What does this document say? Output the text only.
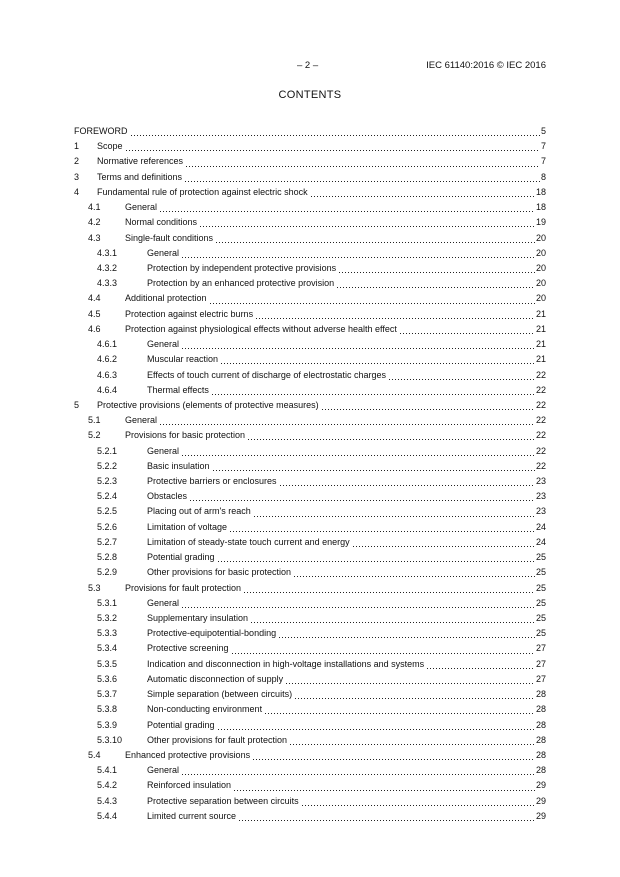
– 2 –	IEC 61140:2016 © IEC 2016
CONTENTS
FOREWORD	5
1	Scope	7
2	Normative references	7
3	Terms and definitions	8
4	Fundamental rule of protection against electric shock	18
4.1	General	18
4.2	Normal conditions	19
4.3	Single-fault conditions	20
4.3.1	General	20
4.3.2	Protection by independent protective provisions	20
4.3.3	Protection by an enhanced protective provision	20
4.4	Additional protection	20
4.5	Protection against electric burns	21
4.6	Protection against physiological effects without adverse health effect	21
4.6.1	General	21
4.6.2	Muscular reaction	21
4.6.3	Effects of touch current of discharge of electrostatic charges	22
4.6.4	Thermal effects	22
5	Protective provisions (elements of protective measures)	22
5.1	General	22
5.2	Provisions for basic protection	22
5.2.1	General	22
5.2.2	Basic insulation	22
5.2.3	Protective barriers or enclosures	23
5.2.4	Obstacles	23
5.2.5	Placing out of arm's reach	23
5.2.6	Limitation of voltage	24
5.2.7	Limitation of steady-state touch current and energy	24
5.2.8	Potential grading	25
5.2.9	Other provisions for basic protection	25
5.3	Provisions for fault protection	25
5.3.1	General	25
5.3.2	Supplementary insulation	25
5.3.3	Protective-equipotential-bonding	25
5.3.4	Protective screening	27
5.3.5	Indication and disconnection in high-voltage installations and systems	27
5.3.6	Automatic disconnection of supply	27
5.3.7	Simple separation (between circuits)	28
5.3.8	Non-conducting environment	28
5.3.9	Potential grading	28
5.3.10	Other provisions for fault protection	28
5.4	Enhanced protective provisions	28
5.4.1	General	28
5.4.2	Reinforced insulation	29
5.4.3	Protective separation between circuits	29
5.4.4	Limited current source	29
